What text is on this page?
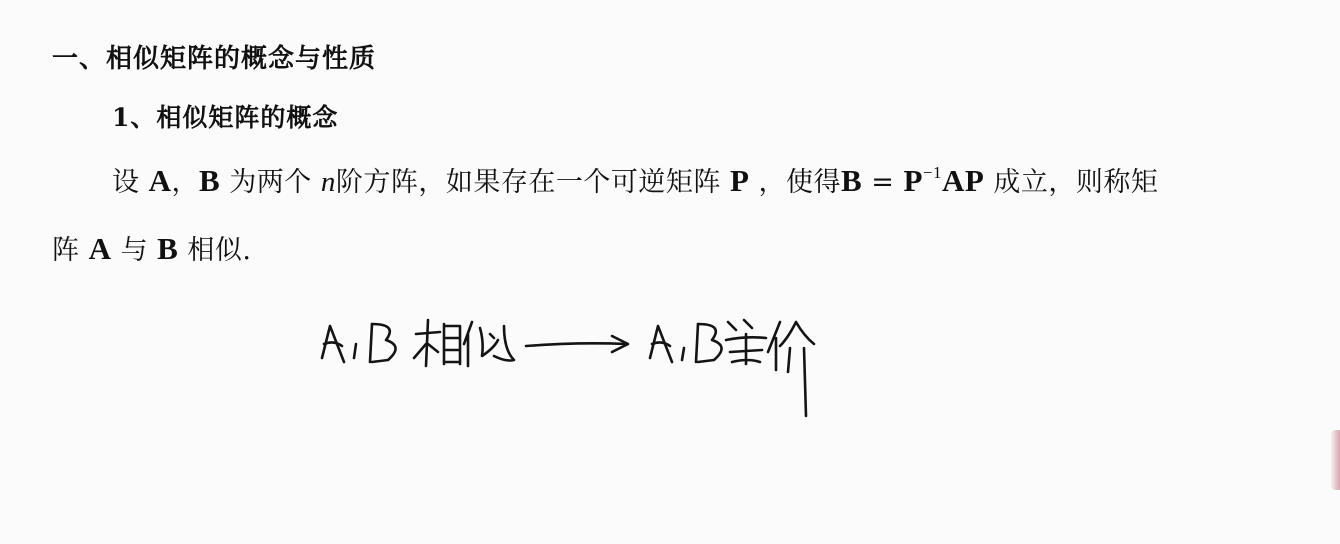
一、相似矩阵的概念与性质
1、相似矩阵的概念
设 A，B 为两个 n阶方阵，如果存在一个可逆矩阵 P ，使得$B = P^{-1}AP$ 成立，则称矩
阵 A 与 B 相似.
